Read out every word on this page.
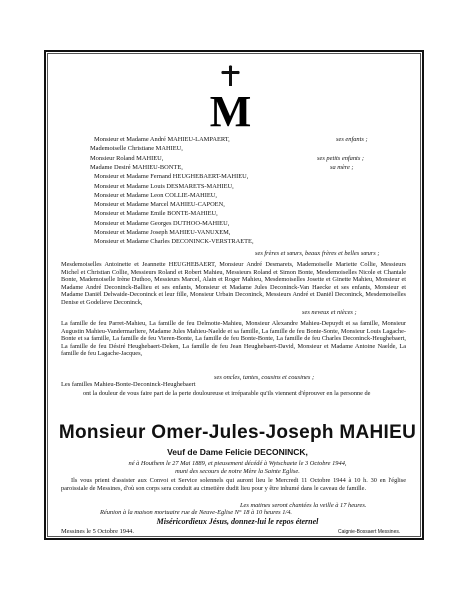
M
Monsieur et Madame André MAHIEU-LAMPAERT,	ses enfants ;
Mademoiselle Christiane MAHIEU,
Monsieur Roland MAHIEU,	ses petits enfants ;
Madame Desiré MAHIEU-BONTE,	sa mère ;
Monsieur et Madame Fernand HEUGHEBAERT-MAHIEU,
Monsieur et Madame Louis DESMARETS-MAHIEU,
Monsieur et Madame Leon COLLIE-MAHIEU,
Monsieur et Madame Marcel MAHIEU-CAPOEN,
Monsieur et Madame Emile BONTE-MAHIEU,
Monsieur et Madame Georges DUTHOO-MAHIEU,
Monsieur et Madame Joseph MAHIEU-VANUXEM,
Monsieur et Madame Charles DECONINCK-VERSTRAETE,
ses frères et sœurs, beaux frères et belles sœurs ;
Mesdemoiselles Antoinette et Jeannette HEUGHEBAERT, Monsieur André Desmarets, Mademoiselle Mariette Collie, Messieurs Michel et Christian Collie, Messieurs Roland et Robert Mahieu, Messieurs Roland et Simon Bonte, Mesdemoiselles Nicole et Chantale Bonte, Mademoiselle Irène Duthoo, Messieurs Marcel, Alain et Roger Mahieu, Mesdemoiselles Josette et Ginette Mahieu, Monsieur et Madame André Deconinck-Ballieu et ses enfants, Monsieur et Madame Jules Deconinck-Van Haecke et ses enfants, Monsieur et Madame Daniël Delwaide-Deconinck et leur fille, Monsieur Urbain Deconinck, Messieurs André et Daniël Deconinck, Mesdemoiselles Denise et Godelieve Deconinck,
ses neveux et nièces ;
La famille de feu Parret-Mahieu, La famille de feu Delmotte-Mahieu, Monsieur Alexandre Mahieu-Depuydt et sa famille, Monsieur Augustin Mahieu-Vandermarliere, Madame Jules Mahieu-Naelde et sa famille, La famille de feu Bonte-Sonte, Monsieur Louis Lagache-Bonte et sa famille, La famille de feu Vieren-Bonte, La famille de feu Bonte-Bonte, La famille de feu Charles Deconinck-Heughebaert, La famille de feu Désiré Heughebaert-Deken, La famille de feu Jean Heughebaert-David, Monsieur et Madame Antoine Naelde, La famille de feu Lagache-Jacques,
ses oncles, tantes, cousins et cousines ;
Les familles Mahieu-Bonte-Deconinck-Heughebaert
ont la douleur de vous faire part de la perte douloureuse et irréparable qu'ils viennent d'éprouver en la personne de
Monsieur Omer-Jules-Joseph MAHIEU
Veuf de Dame Felicie DECONINCK,
né à Houthem le 27 Mai 1889, et pieusement décédé à Wytschaete le 3 Octobre 1944,
muni des secours de notre Mère la Sainte Eglise.
Ils vous prient d'assister aux Convoi et Service solennels qui auront lieu le Mercredi 11 Octobre 1944 à 10 h. 30 en l'église paroissiale de Messines, d'où son corps sera conduit au cimetière dudit lieu pour y être inhumé dans le caveau de famille.
Les matines seront chantées la veille à 17 heures.
Réunion à la maison mortuaire rue de Neuve-Eglise N° 18 à 10 heures 1/4.
Miséricordieux Jésus, donnez-lui le repos éternel
Messines le 5 Octobre 1944.	Caignie-Bossaert Messines.
